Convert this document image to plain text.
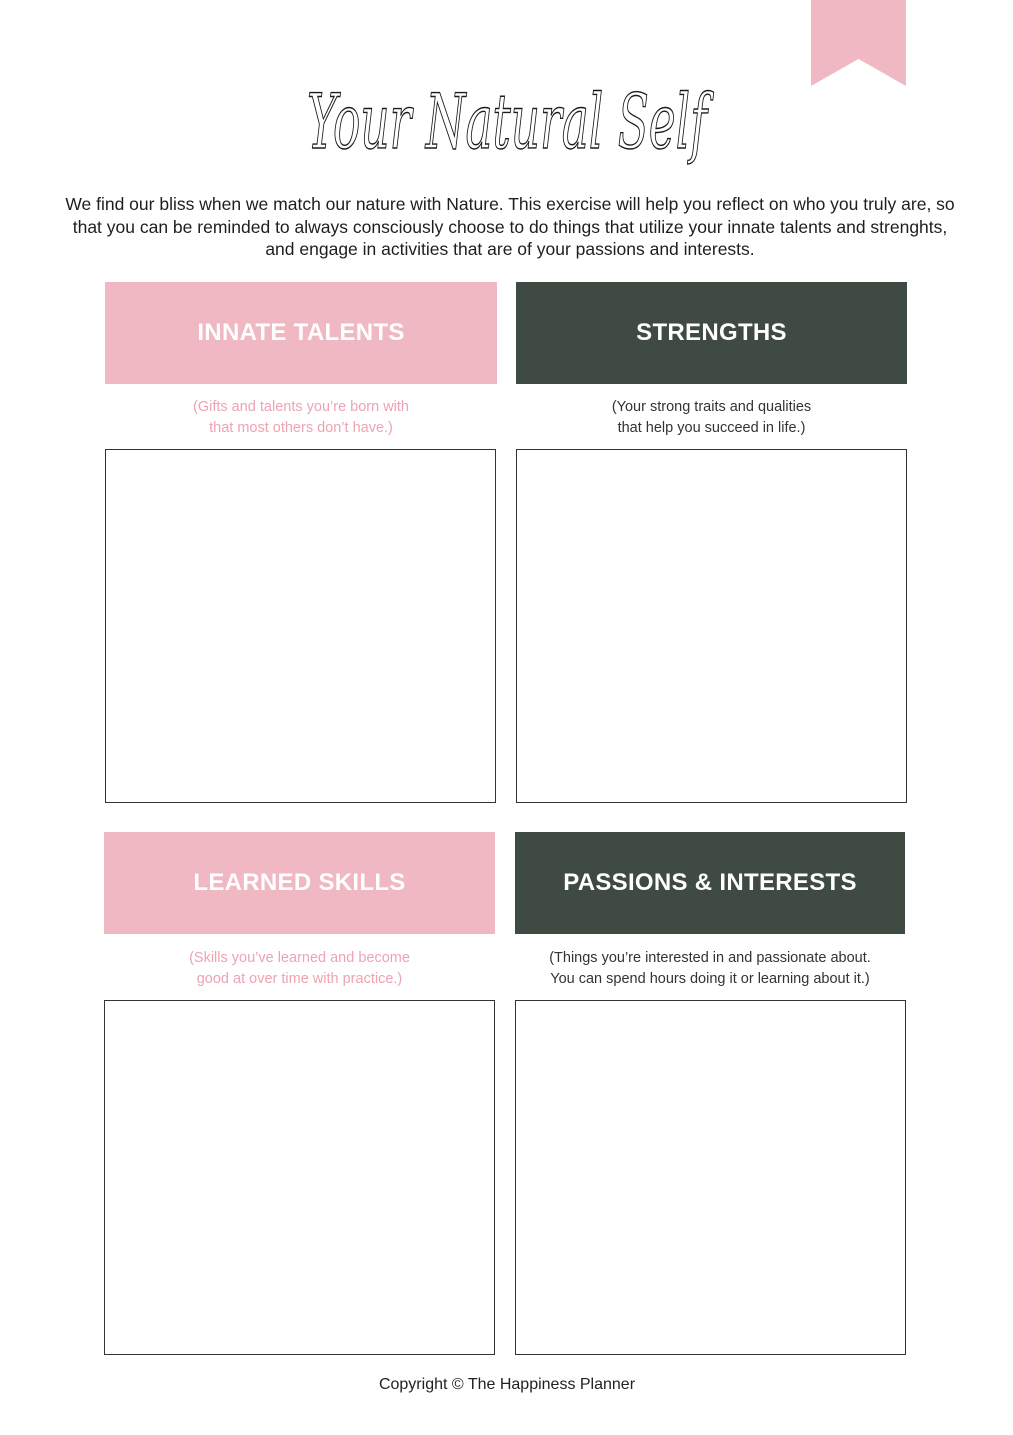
Your Natural Self

We find our bliss when we match our nature with Nature. This exercise will help you reflect on who you truly are, so that you can be reminded to always consciously choose to do things that utilize your innate talents and strenghts, and engage in activities that are of your passions and interests.

INNATE TALENTS

(Gifts and talents you’re born with
that most others don’t have.)

STRENGTHS

(Your strong traits and qualities
that help you succeed in life.)

LEARNED SKILLS

(Skills you’ve learned and become
good at over time with practice.)

PASSIONS & INTERESTS

(Things you’re interested in and passionate about.
You can spend hours doing it or learning about it.)

Copyright © The Happiness Planner
